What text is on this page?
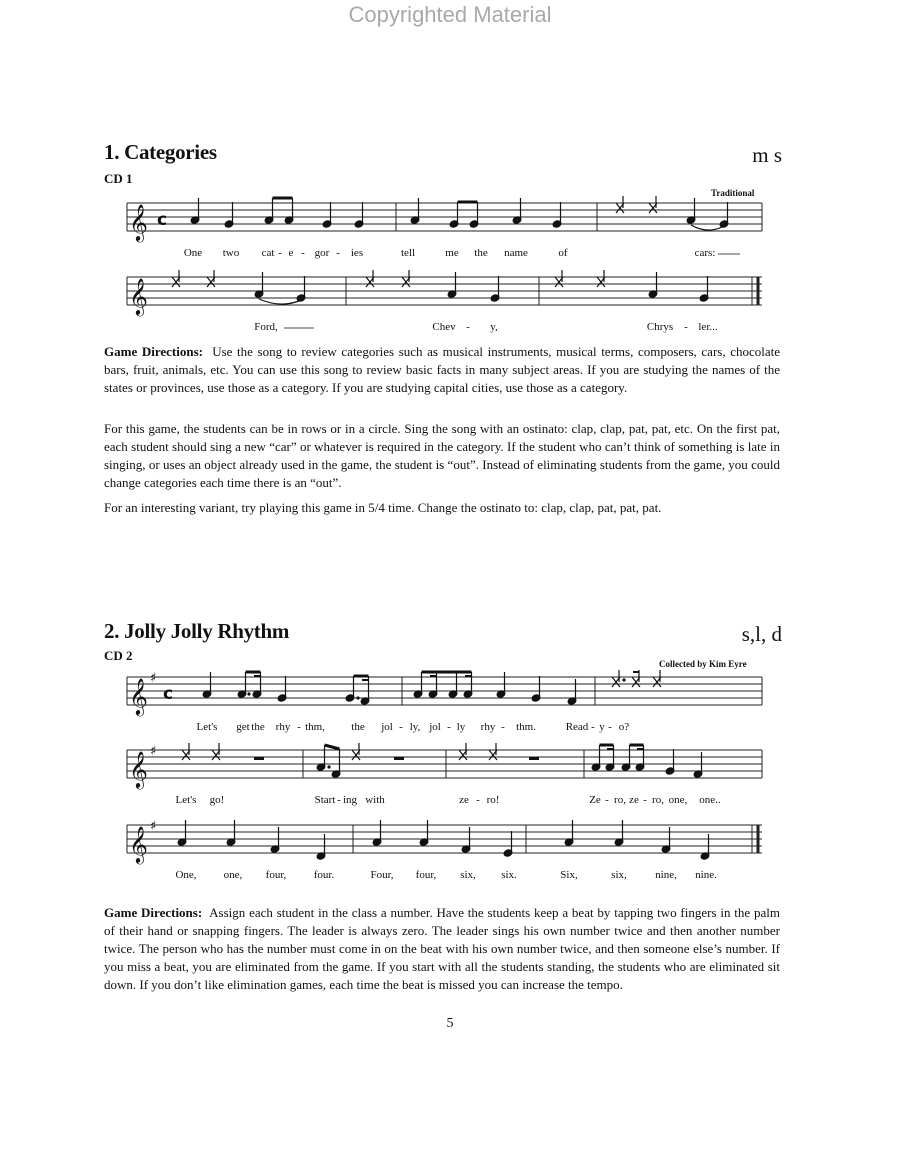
Copyrighted Material
1. Categories	m s
CD 1
Traditional
𝄞 c
One two cat - e - gor - ies	tell	me the name	of	cars:
𝄞
Ford,	Chev - y,	Chrys - ler...

Game Directions: Use the song to review categories such as musical instruments, musical terms, composers, cars, chocolate bars, fruit, animals, etc. You can use this song to review basic facts in many subject areas. If you are studying the names of the states or provinces, use those as a category. If you are studying capital cities, use those as a category.

For this game, the students can be in rows or in a circle. Sing the song with an ostinato: clap, clap, pat, pat, etc. On the first pat, each student should sing a new “car” or whatever is required in the category. If the student who can’t think of something is late in singing, or uses an object already used in the game, the student is “out”. Instead of eliminating students from the game, you could change categories each time there is an “out”.

For an interesting variant, try playing this game in 5/4 time. Change the ostinato to: clap, clap, pat, pat, pat.

2. Jolly Jolly Rhythm	s,l, d
CD 2
Collected by Kim Eyre
𝄞 ♯
c
Let's get the rhy - thm, the jol - ly, jol - ly rhy - thm.	Read - y - o?
𝄞 ♯
Let's go!	Start - ing with	ze - ro!	Ze - ro, ze - ro, one, one..
𝄞 ♯
One, one, four, four.	Four, four, six, six.	Six,	six,	nine, nine.

Game Directions: Assign each student in the class a number. Have the students keep a beat by tapping two fingers in the palm of their hand or snapping fingers. The leader is always zero. The leader sings his own number twice and then another number twice. The person who has the number must come in on the beat with his own number twice, and then someone else’s number. If you miss a beat, you are eliminated from the game. If you start with all the students standing, the students who are eliminated sit down. If you don’t like elimination games, each time the beat is missed you can increase the tempo.

5
